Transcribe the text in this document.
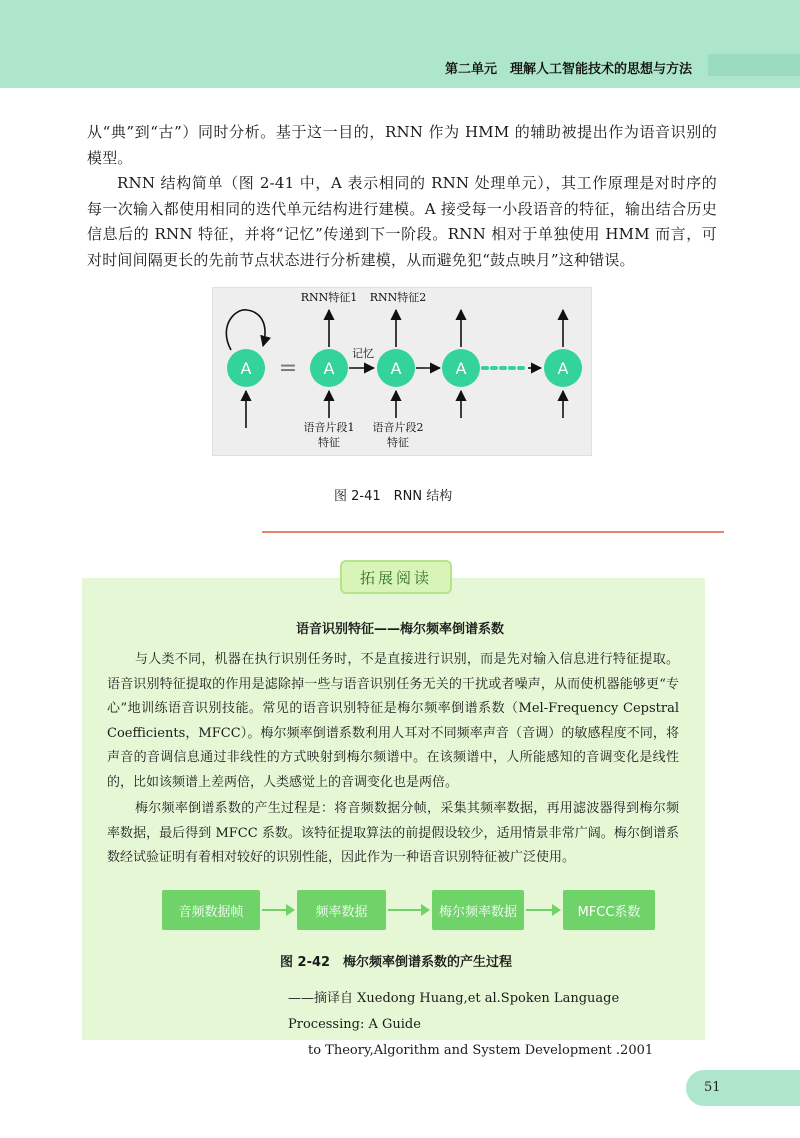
第二单元　理解人工智能技术的思想与方法

从“典”到“古”）同时分析。基于这一目的，RNN 作为 HMM 的辅助被提出作为语音识别的模型。

RNN 结构简单（图 2-41 中，A 表示相同的 RNN 处理单元），其工作原理是对时序的每一次输入都使用相同的迭代单元结构进行建模。A 接受每一小段语音的特征，输出结合历史信息后的 RNN 特征，并将“记忆”传递到下一阶段。RNN 相对于单独使用 HMM 而言，可对时间间隔更长的先前节点状态进行分析建模，从而避免犯“鼓点映月”这种错误。

A = A	A	A	A
记忆
RNN特征1 RNN特征2
语音片段1
特征
语音片段2
特征
图 2-41　RNN 结构
拓展阅读
语音识别特征——梅尔频率倒谱系数
与人类不同，机器在执行识别任务时，不是直接进行识别，而是先对输入信息进行特征提取。语音识别特征提取的作用是滤除掉一些与语音识别任务无关的干扰或者噪声，从而使机器能够更“专心”地训练语音识别技能。常见的语音识别特征是梅尔频率倒谱系数（Mel-Frequency Cepstral Coefficients，MFCC）。梅尔频率倒谱系数利用人耳对不同频率声音（音调）的敏感程度不同，将声音的音调信息通过非线性的方式映射到梅尔频谱中。在该频谱中，人所能感知的音调变化是线性的，比如该频谱上差两倍，人类感觉上的音调变化也是两倍。
梅尔频率倒谱系数的产生过程是：将音频数据分帧，采集其频率数据，再用滤波器得到梅尔频率数据，最后得到 MFCC 系数。该特征提取算法的前提假设较少，适用情景非常广阔。梅尔倒谱系数经试验证明有着相对较好的识别性能，因此作为一种语音识别特征被广泛使用。
音频数据帧	频率数据	梅尔频率数据	MFCC系数
图 2-42　梅尔频率倒谱系数的产生过程
——摘译自 Xuedong Huang,et al.Spoken Language Processing: A Guide
to Theory,Algorithm and System Development .2001
51
